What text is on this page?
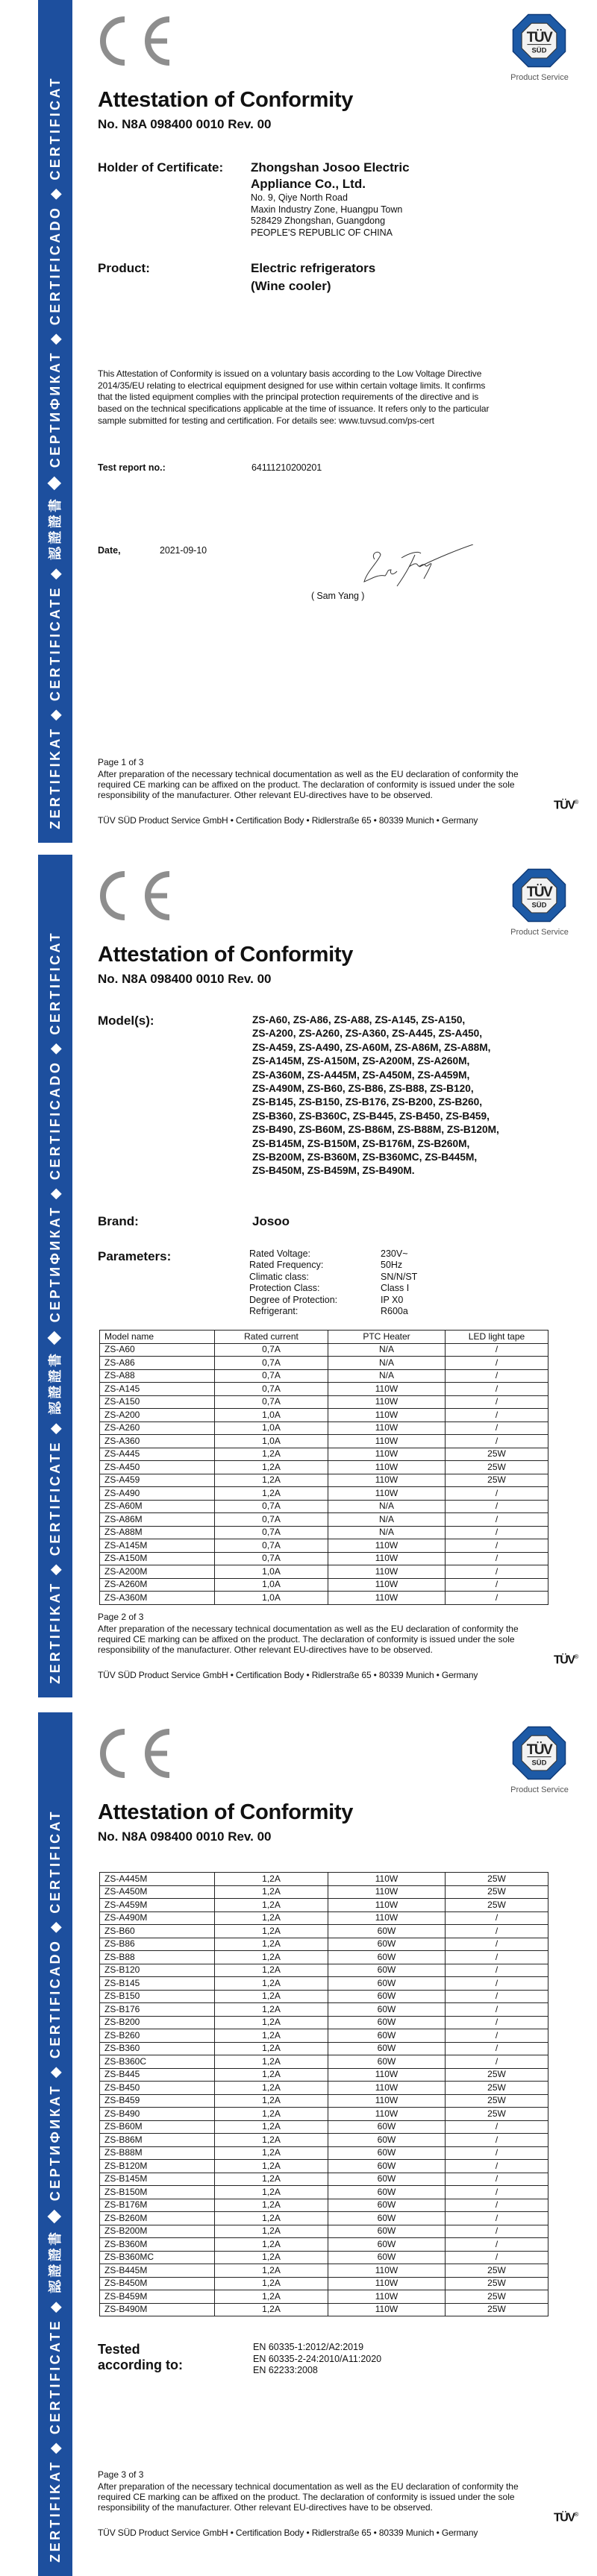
ZERTIFIKAT ◆ CERTIFICATE ◆ 認證證書 ◆ СЕРТИФИКАТ ◆ CERTIFICADO ◆ CERTIFICAT
TÜV
SÜD
Product Service
Attestation of Conformity
No. N8A 098400 0010 Rev. 00
Page 1 of 3
After preparation of the necessary technical documentation as well as the EU declaration of conformity the
required CE marking can be affixed on the product. The declaration of conformity is issued under the sole
responsibility of the manufacturer. Other relevant EU-directives have to be observed.
TÜV®
TÜV SÜD Product Service GmbH • Certification Body • Ridlerstraße 65 • 80339 Munich • Germany
Holder of Certificate: Zhongshan Josoo Electric
Appliance Co., Ltd.
No. 9, Qiye North Road
Maxin Industry Zone, Huangpu Town
528429 Zhongshan, Guangdong
PEOPLE'S REPUBLIC OF CHINA
Product:	Electric refrigerators
(Wine cooler)
This Attestation of Conformity is issued on a voluntary basis according to the Low Voltage Directive
2014/35/EU relating to electrical equipment designed for use within certain voltage limits. It confirms
that the listed equipment complies with the principal protection requirements of the directive and is
based on the technical specifications applicable at the time of issuance. It refers only to the particular
sample submitted for testing and certification. For details see: www.tuvsud.com/ps-cert
Test report no.:	64111210200201
Date,	2021-09-10
( Sam Yang )
ZERTIFIKAT ◆ CERTIFICATE ◆ 認證證書 ◆ СЕРТИФИКАТ ◆ CERTIFICADO ◆ CERTIFICAT
TÜV
SÜD
Product Service
Attestation of Conformity
No. N8A 098400 0010 Rev. 00
Page 2 of 3
After preparation of the necessary technical documentation as well as the EU declaration of conformity the
required CE marking can be affixed on the product. The declaration of conformity is issued under the sole
responsibility of the manufacturer. Other relevant EU-directives have to be observed.
TÜV®
TÜV SÜD Product Service GmbH • Certification Body • Ridlerstraße 65 • 80339 Munich • Germany
Model(s):	ZS-A60, ZS-A86, ZS-A88, ZS-A145, ZS-A150,
ZS-A200, ZS-A260, ZS-A360, ZS-A445, ZS-A450,
ZS-A459, ZS-A490, ZS-A60M, ZS-A86M, ZS-A88M,
ZS-A145M, ZS-A150M, ZS-A200M, ZS-A260M,
ZS-A360M, ZS-A445M, ZS-A450M, ZS-A459M,
ZS-A490M, ZS-B60, ZS-B86, ZS-B88, ZS-B120,
ZS-B145, ZS-B150, ZS-B176, ZS-B200, ZS-B260,
ZS-B360, ZS-B360C, ZS-B445, ZS-B450, ZS-B459,
ZS-B490, ZS-B60M, ZS-B86M, ZS-B88M, ZS-B120M,
ZS-B145M, ZS-B150M, ZS-B176M, ZS-B260M,
ZS-B200M, ZS-B360M, ZS-B360MC, ZS-B445M,
ZS-B450M, ZS-B459M, ZS-B490M.
Brand:	Josoo
Parameters:	Rated Voltage:	230V~
Rated Frequency:	50Hz
Climatic class:	SN/N/ST
Protection Class:	Class I
Degree of Protection:	IP X0
Refrigerant:	R600a
Model name	Rated current	PTC Heater	LED light tape
ZS-A60	0,7A	N/A	/
ZS-A86	0,7A	N/A	/
ZS-A88	0,7A	N/A	/
ZS-A145	0,7A	110W	/
ZS-A150	0,7A	110W	/
ZS-A200	1,0A	110W	/
ZS-A260	1,0A	110W	/
ZS-A360	1,0A	110W	/
ZS-A445	1,2A	110W	25W
ZS-A450	1,2A	110W	25W
ZS-A459	1,2A	110W	25W
ZS-A490	1,2A	110W	/
ZS-A60M	0,7A	N/A	/
ZS-A86M	0,7A	N/A	/
ZS-A88M	0,7A	N/A	/
ZS-A145M	0,7A	110W	/
ZS-A150M	0,7A	110W	/
ZS-A200M	1,0A	110W	/
ZS-A260M	1,0A	110W	/
ZS-A360M	1,0A	110W	/
ZERTIFIKAT ◆ CERTIFICATE ◆ 認證證書 ◆ СЕРТИФИКАТ ◆ CERTIFICADO ◆ CERTIFICAT
TÜV
SÜD
Product Service
Attestation of Conformity
No. N8A 098400 0010 Rev. 00
Page 3 of 3
After preparation of the necessary technical documentation as well as the EU declaration of conformity the
required CE marking can be affixed on the product. The declaration of conformity is issued under the sole
responsibility of the manufacturer. Other relevant EU-directives have to be observed.
TÜV®
TÜV SÜD Product Service GmbH • Certification Body • Ridlerstraße 65 • 80339 Munich • Germany
ZS-A445M	1,2A	110W	25W
ZS-A450M	1,2A	110W	25W
ZS-A459M	1,2A	110W	25W
ZS-A490M	1,2A	110W	/
ZS-B60	1,2A	60W	/
ZS-B86	1,2A	60W	/
ZS-B88	1,2A	60W	/
ZS-B120	1,2A	60W	/
ZS-B145	1,2A	60W	/
ZS-B150	1,2A	60W	/
ZS-B176	1,2A	60W	/
ZS-B200	1,2A	60W	/
ZS-B260	1,2A	60W	/
ZS-B360	1,2A	60W	/
ZS-B360C	1,2A	60W	/
ZS-B445	1,2A	110W	25W
ZS-B450	1,2A	110W	25W
ZS-B459	1,2A	110W	25W
ZS-B490	1,2A	110W	25W
ZS-B60M	1,2A	60W	/
ZS-B86M	1,2A	60W	/
ZS-B88M	1,2A	60W	/
ZS-B120M	1,2A	60W	/
ZS-B145M	1,2A	60W	/
ZS-B150M	1,2A	60W	/
ZS-B176M	1,2A	60W	/
ZS-B260M	1,2A	60W	/
ZS-B200M	1,2A	60W	/
ZS-B360M	1,2A	60W	/
ZS-B360MC	1,2A	60W	/
ZS-B445M	1,2A	110W	25W
ZS-B450M	1,2A	110W	25W
ZS-B459M	1,2A	110W	25W
ZS-B490M	1,2A	110W	25W
Tested
according to:
EN 60335-1:2012/A2:2019
EN 60335-2-24:2010/A11:2020
EN 62233:2008
